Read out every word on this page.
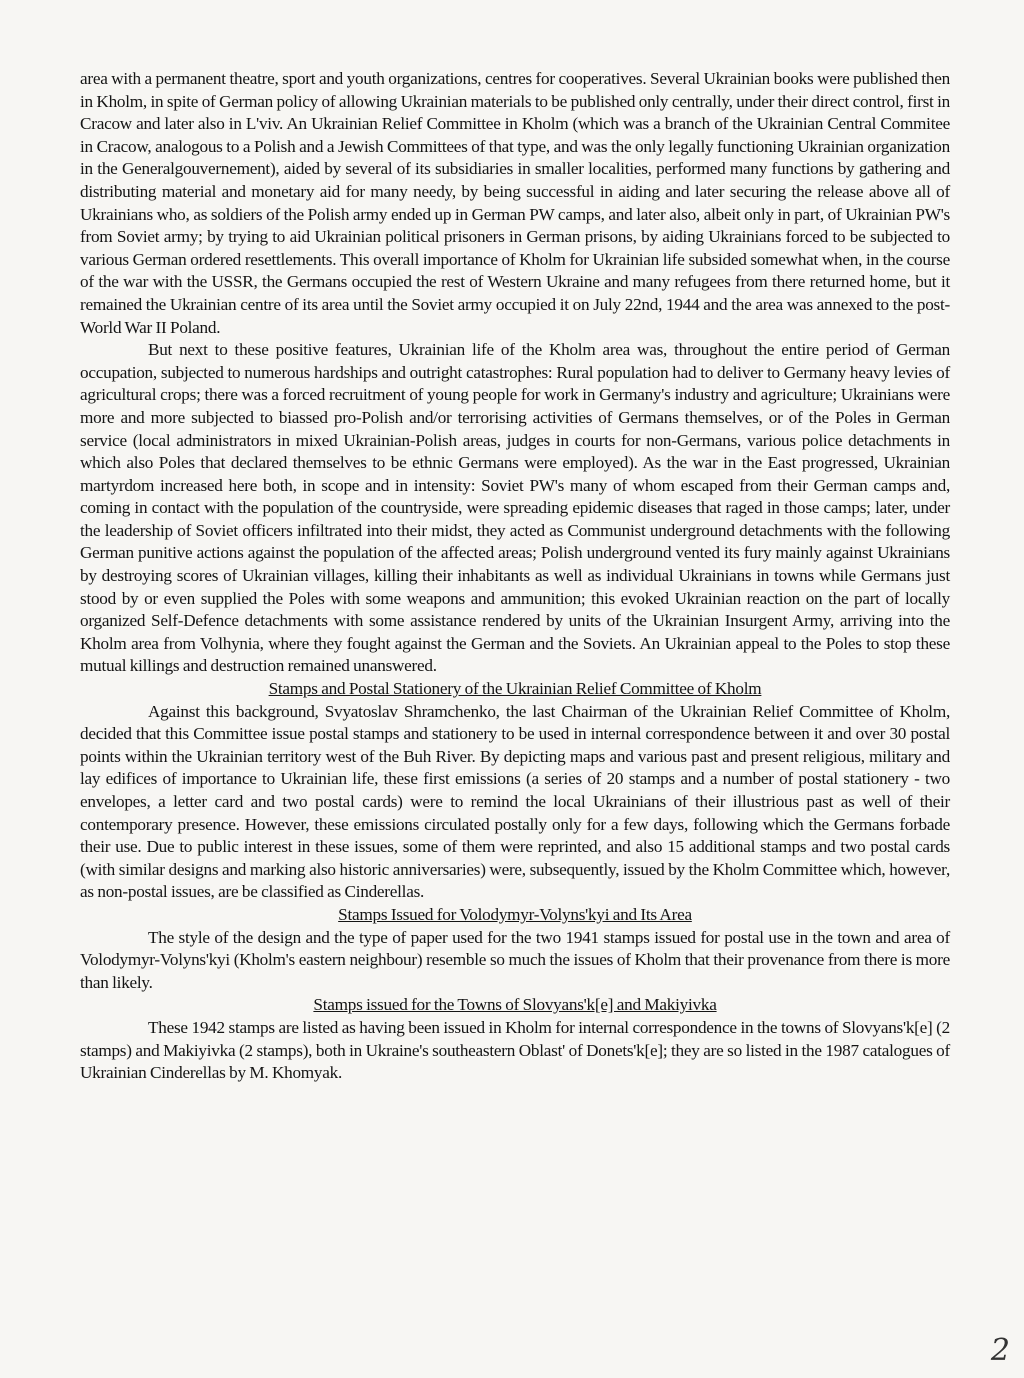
area with a permanent theatre, sport and youth organizations, centres for cooperatives. Several Ukrainian books were published then in Kholm, in spite of German policy of allowing Ukrainian materials to be published only centrally, under their direct control, first in Cracow and later also in L'viv. An Ukrainian Relief Committee in Kholm (which was a branch of the Ukrainian Central Commitee in Cracow, analogous to a Polish and a Jewish Committees of that type, and was the only legally functioning Ukrainian organization in the Generalgouvernement), aided by several of its subsidiaries in smaller localities, performed many functions by gathering and distributing material and monetary aid for many needy, by being successful in aiding and later securing the release above all of Ukrainians who, as soldiers of the Polish army ended up in German PW camps, and later also, albeit only in part, of Ukrainian PW's from Soviet army; by trying to aid Ukrainian political prisoners in German prisons, by aiding Ukrainians forced to be subjected to various German ordered resettlements. This overall importance of Kholm for Ukrainian life subsided somewhat when, in the course of the war with the USSR, the Germans occupied the rest of Western Ukraine and many refugees from there returned home, but it remained the Ukrainian centre of its area until the Soviet army occupied it on July 22nd, 1944 and the area was annexed to the post-World War II Poland.

But next to these positive features, Ukrainian life of the Kholm area was, throughout the entire period of German occupation, subjected to numerous hardships and outright catastrophes: Rural population had to deliver to Germany heavy levies of agricultural crops; there was a forced recruitment of young people for work in Germany's industry and agriculture; Ukrainians were more and more subjected to biassed pro-Polish and/or terrorising activities of Germans themselves, or of the Poles in German service (local administrators in mixed Ukrainian-Polish areas, judges in courts for non-Germans, various police detachments in which also Poles that declared themselves to be ethnic Germans were employed). As the war in the East progressed, Ukrainian martyrdom increased here both, in scope and in intensity: Soviet PW's many of whom escaped from their German camps and, coming in contact with the population of the countryside, were spreading epidemic diseases that raged in those camps; later, under the leadership of Soviet officers infiltrated into their midst, they acted as Communist underground detachments with the following German punitive actions against the population of the affected areas; Polish underground vented its fury mainly against Ukrainians by destroying scores of Ukrainian villages, killing their inhabitants as well as individual Ukrainians in towns while Germans just stood by or even supplied the Poles with some weapons and ammunition; this evoked Ukrainian reaction on the part of locally organized Self-Defence detachments with some assistance rendered by units of the Ukrainian Insurgent Army, arriving into the Kholm area from Volhynia, where they fought against the German and the Soviets. An Ukrainian appeal to the Poles to stop these mutual killings and destruction remained unanswered.

Stamps and Postal Stationery of the Ukrainian Relief Committee of Kholm

Against this background, Svyatoslav Shramchenko, the last Chairman of the Ukrainian Relief Committee of Kholm, decided that this Committee issue postal stamps and stationery to be used in internal correspondence between it and over 30 postal points within the Ukrainian territory west of the Buh River. By depicting maps and various past and present religious, military and lay edifices of importance to Ukrainian life, these first emissions (a series of 20 stamps and a number of postal stationery - two envelopes, a letter card and two postal cards) were to remind the local Ukrainians of their illustrious past as well of their contemporary presence. However, these emissions circulated postally only for a few days, following which the Germans forbade their use. Due to public interest in these issues, some of them were reprinted, and also 15 additional stamps and two postal cards (with similar designs and marking also historic anniversaries) were, subsequently, issued by the Kholm Committee which, however, as non-postal issues, are be classified as Cinderellas.

Stamps Issued for Volodymyr-Volyns'kyi and Its Area

The style of the design and the type of paper used for the two 1941 stamps issued for postal use in the town and area of Volodymyr-Volyns'kyi (Kholm's eastern neighbour) resemble so much the issues of Kholm that their provenance from there is more than likely.

Stamps issued for the Towns of Slovyans'k[e] and Makiyivka

These 1942 stamps are listed as having been issued in Kholm for internal correspondence in the towns of Slovyans'k[e] (2 stamps) and Makiyivka (2 stamps), both in Ukraine's southeastern Oblast' of Donets'k[e]; they are so listed in the 1987 catalogues of Ukrainian Cinderellas by M. Khomyak.

2
